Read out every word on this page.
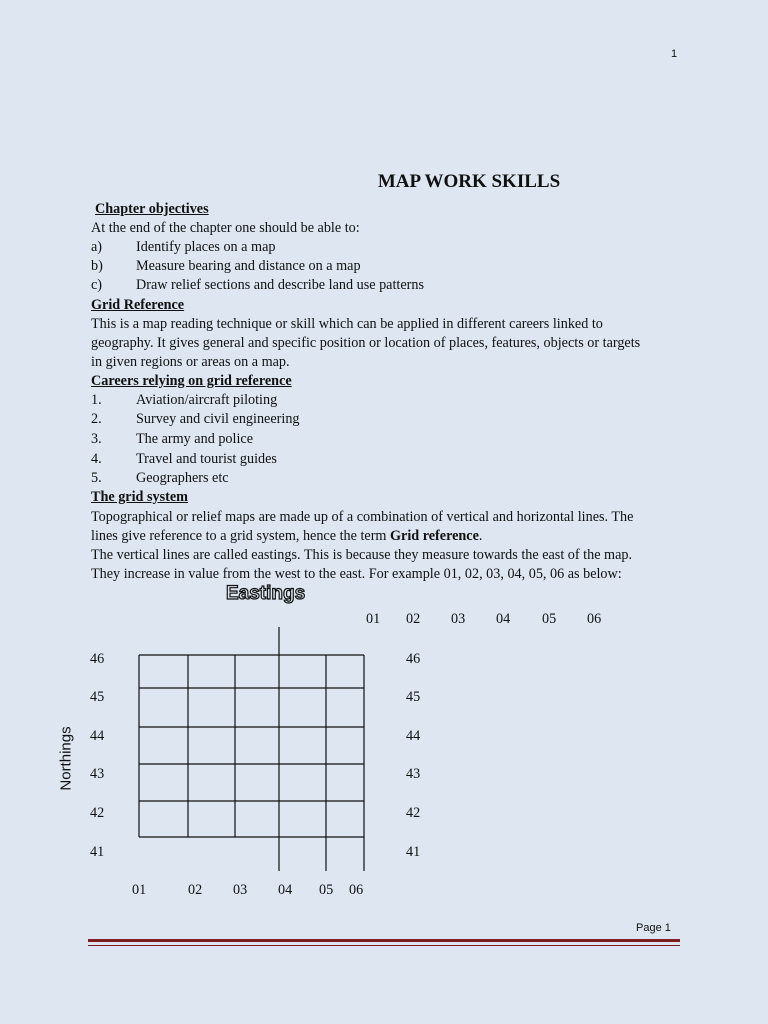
1
MAP WORK SKILLS
Chapter objectives
At the end of the chapter one should be able to:
a) Identify places on a map
b) Measure bearing and distance on a map
c) Draw relief sections and describe land use patterns
Grid Reference
This is a map reading technique or skill which can be applied in different careers linked to
geography. It gives general and specific position or location of places, features, objects or targets
in given regions or areas on a map.
Careers relying on grid reference
1. Aviation/aircraft piloting
2. Survey and civil engineering
3. The army and police
4. Travel and tourist guides
5. Geographers etc
The grid system
Topographical or relief maps are made up of a combination of vertical and horizontal lines. The
lines give reference to a grid system, hence the term Grid reference.
The vertical lines are called eastings. This is because they measure towards the east of the map.
They increase in value from the west to the east. For example 01, 02, 03, 04, 05, 06 as below:
Eastings
Northings
01 02 03 04 05 06
46
45
44
43
42
41
46
45
44
43
42
41
01	02 03 04 05 06
Page 1
